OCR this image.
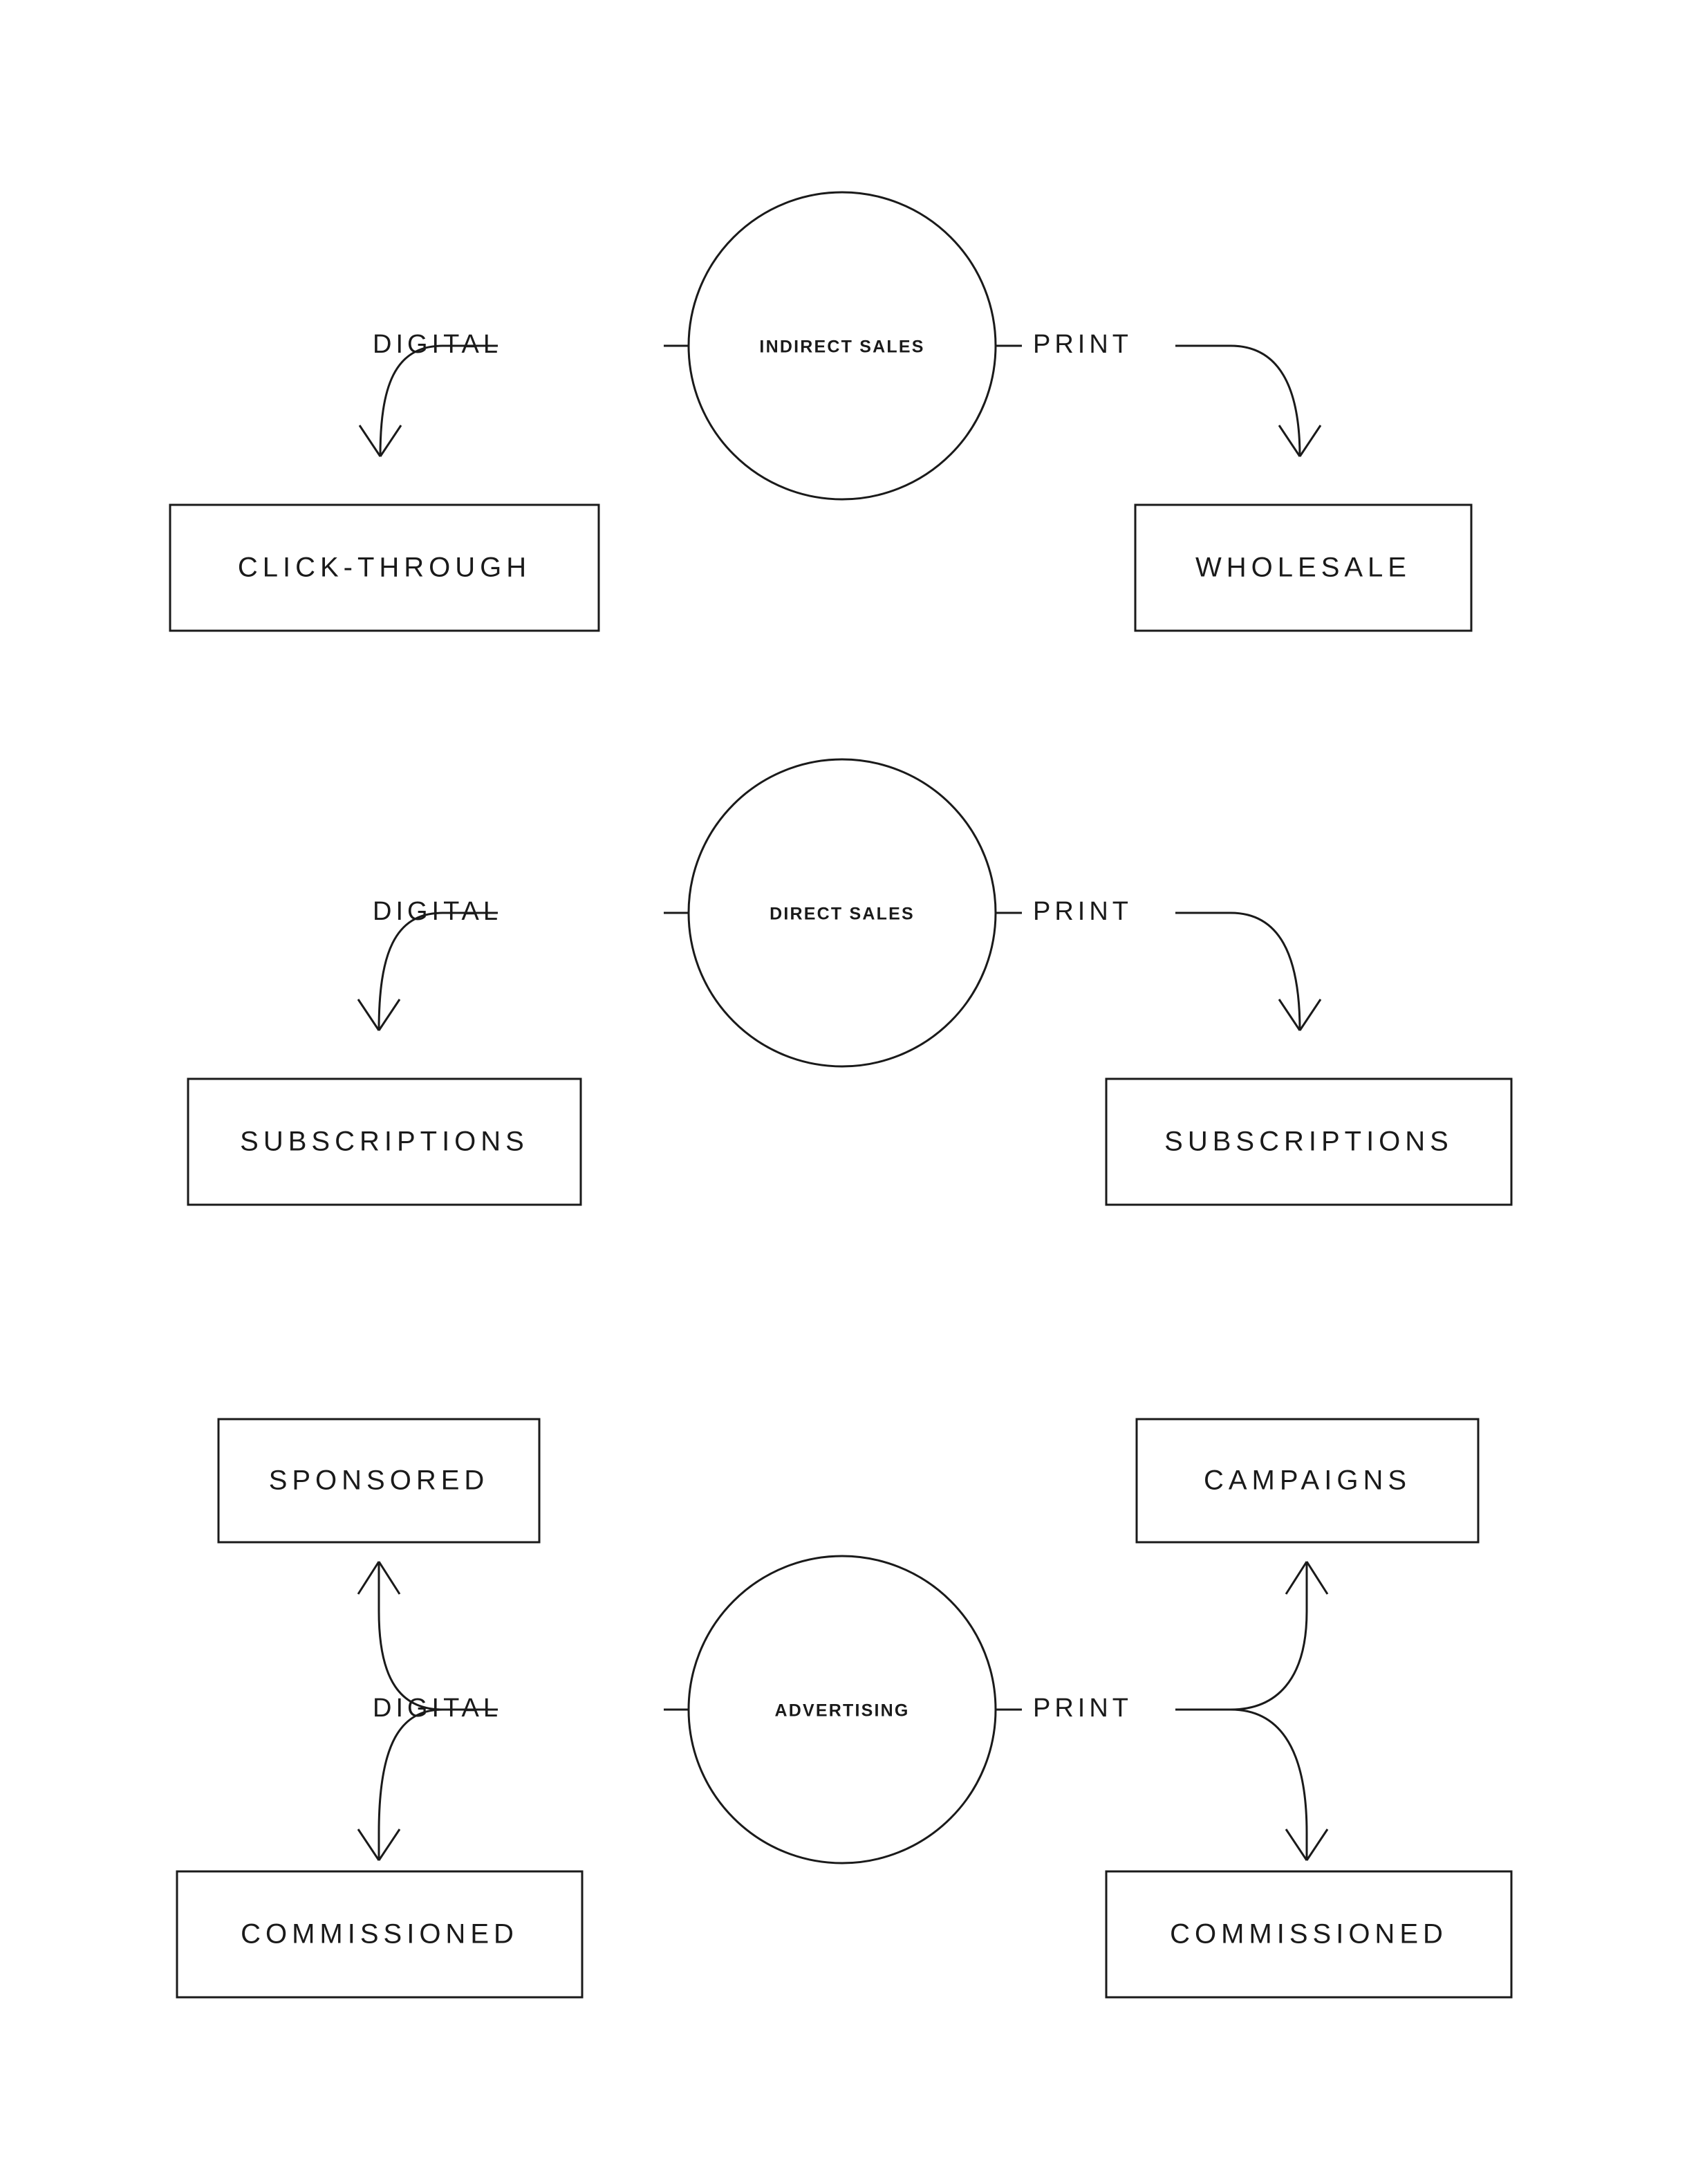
INDIRECT SALES
DIGITAL	PRINT
CLICK-THROUGH	WHOLESALE
DIRECT SALES
DIGITAL	PRINT
SUBSCRIPTIONS	SUBSCRIPTIONS
ADVERTISING
DIGITAL	PRINT
SPONSORED	CAMPAIGNS
COMMISSIONED	COMMISSIONED
